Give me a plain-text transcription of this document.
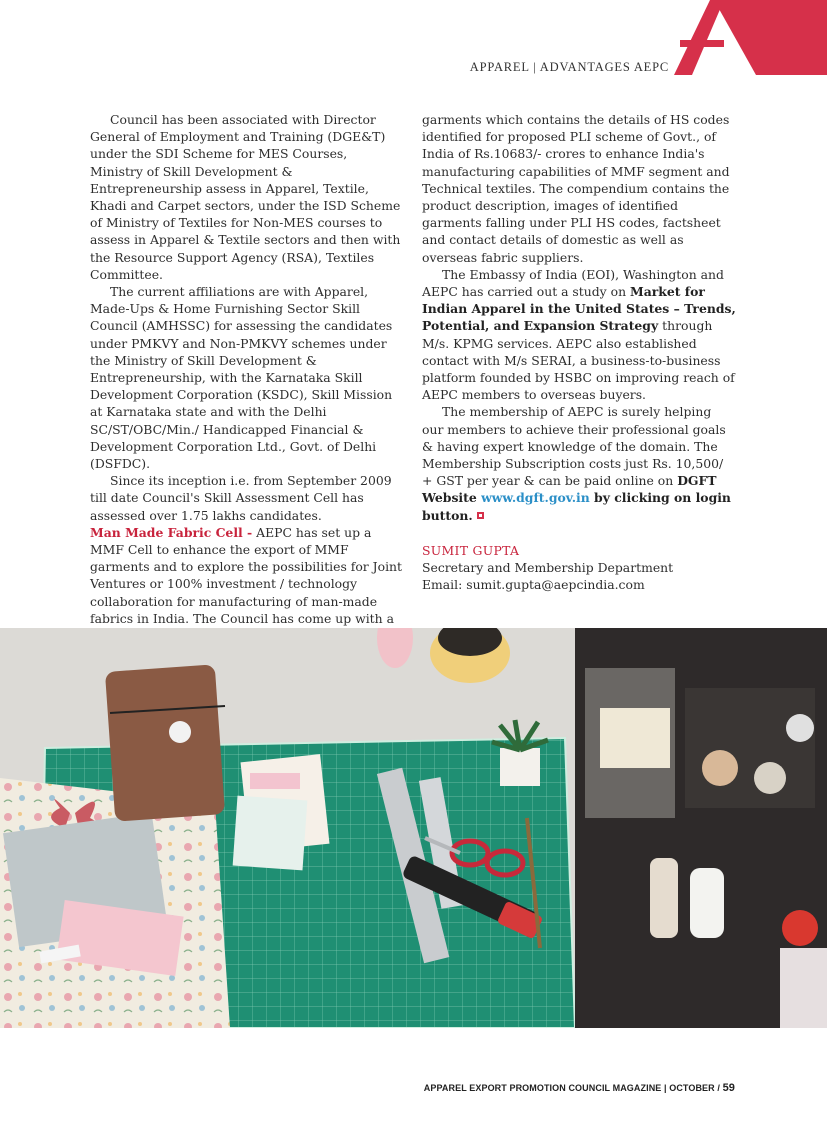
APPAREL | ADVANTAGES AEPC

Council has been associated with Director General of Employment and Training (DGE&T) under the SDI Scheme for MES Courses, Ministry of Skill Development & Entrepreneurship assess in Apparel, Textile, Khadi and Carpet sectors, under the ISD Scheme of Ministry of Textiles for Non-MES courses to assess in Apparel & Textile sectors and then with the Resource Support Agency (RSA), Textiles Committee.

The current affiliations are with Apparel, Made-Ups & Home Furnishing Sector Skill Council (AMHSSC) for assessing the candidates under PMKVY and Non-PMKVY schemes under the Ministry of Skill Development & Entrepreneurship, with the Karnataka Skill Development Corporation (KSDC), Skill Mission at Karnataka state and with the Delhi SC/ST/OBC/Min./ Handicapped Financial & Development Corporation Ltd., Govt. of Delhi (DSFDC).

Since its inception i.e. from September 2009 till date Council's Skill Assessment Cell has assessed over 1.75 lakhs candidates.

Man Made Fabric Cell - AEPC has set up a MMF Cell to enhance the export of MMF garments and to explore the possibilities for Joint Ventures or 100% investment / technology collaboration for manufacturing of man-made fabrics in India. The Council has come up with a

garments which contains the details of HS codes identified for proposed PLI scheme of Govt., of India of Rs.10683/- crores to enhance India's manufacturing capabilities of MMF segment and Technical textiles. The compendium contains the product description, images of identified garments falling under PLI HS codes, factsheet and contact details of domestic as well as overseas fabric suppliers.

The Embassy of India (EOI), Washington and AEPC has carried out a study on Market for Indian Apparel in the United States – Trends, Potential, and Expansion Strategy through M/s. KPMG services. AEPC also established contact with M/s SERAI, a business-to-business platform founded by HSBC on improving reach of AEPC members to overseas buyers.

The membership of AEPC is surely helping our members to achieve their professional goals & having expert knowledge of the domain. The Membership Subscription costs just Rs. 10,500/ + GST per year & can be paid online on DGFT Website www.dgft.gov.in by clicking on login button.

SUMIT GUPTA
Secretary and Membership Department
Email: sumit.gupta@aepcindia.com
APPAREL EXPORT PROMOTION COUNCIL MAGAZINE | OCTOBER / 59
